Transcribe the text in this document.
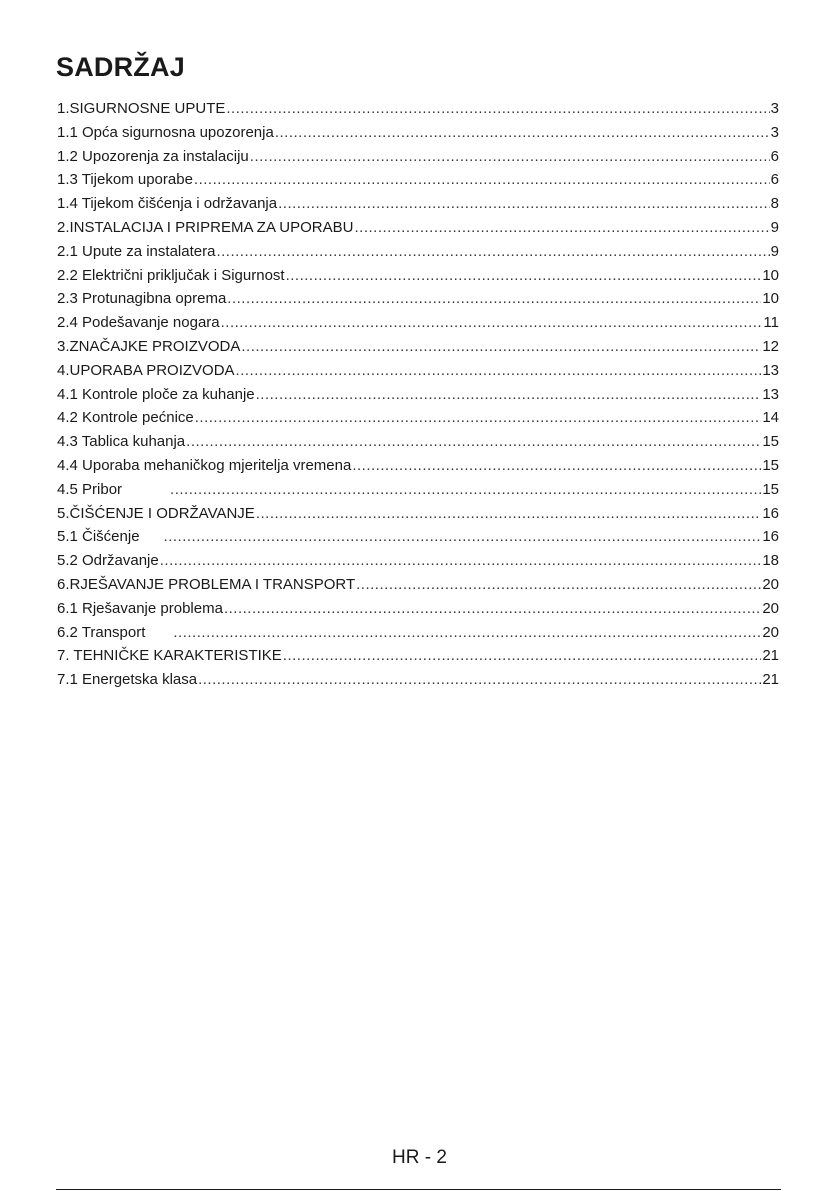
SADRŽAJ
1.SIGURNOSNE UPUTE .....	3
1.1 Opća sigurnosna upozorenja .....	3
1.2 Upozorenja za instalaciju .....	6
1.3 Tijekom uporabe .....	6
1.4 Tijekom čišćenja i održavanja .....	8
2.INSTALACIJA I PRIPREMA ZA UPORABU .....	9
2.1 Upute za instalatera .....	9
2.2 Električni priključak i Sigurnost .....	10
2.3 Protunagibna oprema .....	10
2.4 Podešavanje nogara .....	11
3.ZNAČAJKE PROIZVODA .....	12
4.UPORABA PROIZVODA .....	13
4.1 Kontrole ploče za kuhanje .....	13
4.2 Kontrole pećnice .....	14
4.3 Tablica kuhanja .....	15
4.4 Uporaba mehaničkog mjeritelja vremena .....	15
4.5 Pribor .....	15
5.ČIŠĆENJE I ODRŽAVANJE .....	16
5.1 Čišćenje .....	16
5.2 Održavanje .....	18
6.RJEŠAVANJE PROBLEMA I TRANSPORT .....	20
6.1 Rješavanje problema .....	20
6.2 Transport .....	20
7. TEHNIČKE KARAKTERISTIKE .....	21
7.1 Energetska klasa .....	21
HR - 2
